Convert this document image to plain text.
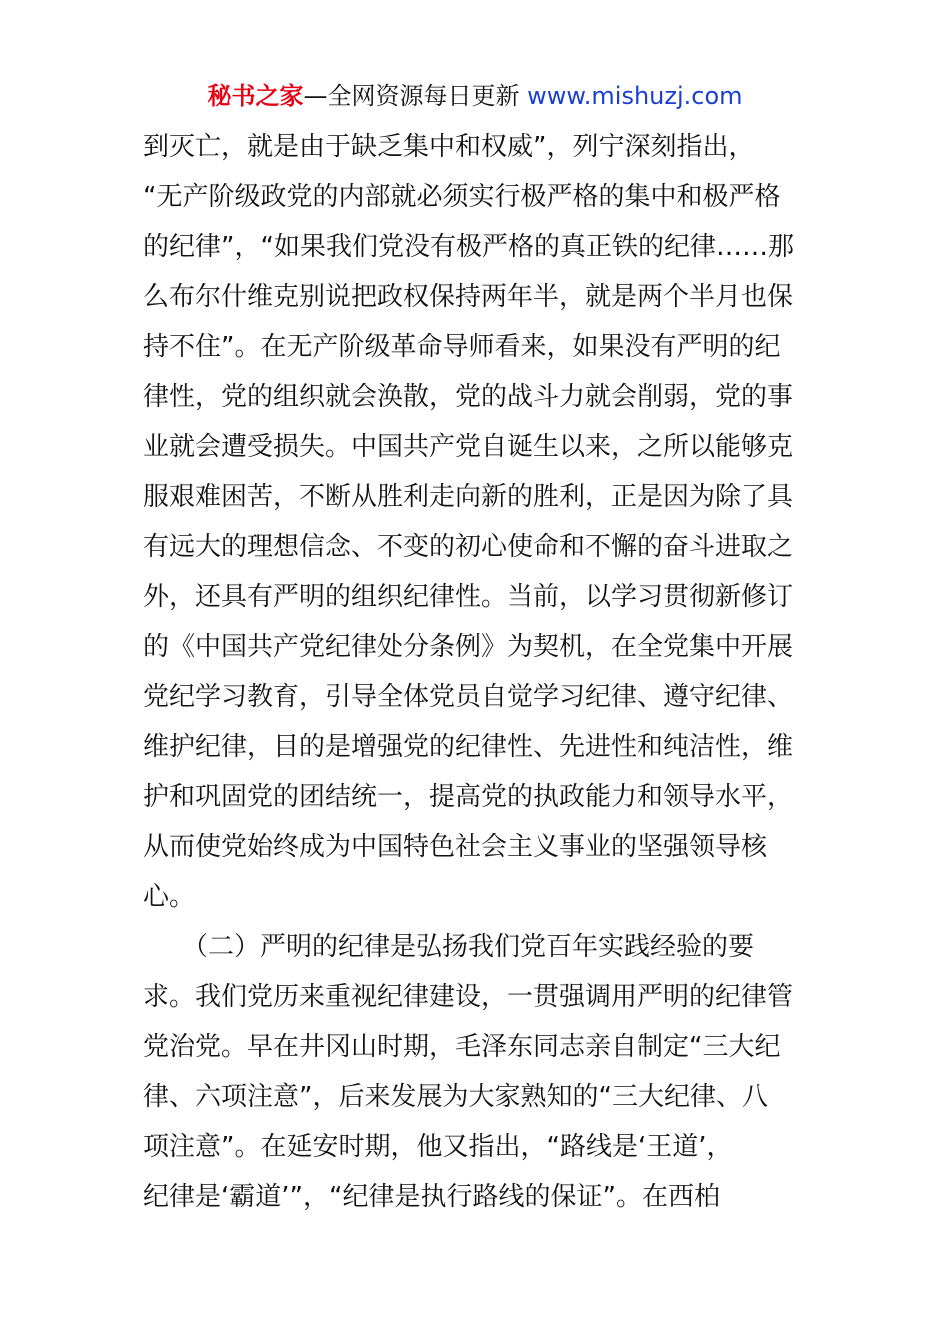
秘书之家—全网资源每日更新 www.mishuzj.com
到灭亡，就是由于缺乏集中和权威”，列宁深刻指出，
“无产阶级政党的内部就必须实行极严格的集中和极严格
的纪律”，“如果我们党没有极严格的真正铁的纪律……那
么布尔什维克别说把政权保持两年半，就是两个半月也保
持不住”。在无产阶级革命导师看来，如果没有严明的纪
律性，党的组织就会涣散，党的战斗力就会削弱，党的事
业就会遭受损失。中国共产党自诞生以来，之所以能够克
服艰难困苦，不断从胜利走向新的胜利，正是因为除了具
有远大的理想信念、不变的初心使命和不懈的奋斗进取之
外，还具有严明的组织纪律性。当前，以学习贯彻新修订
的《中国共产党纪律处分条例》为契机，在全党集中开展
党纪学习教育，引导全体党员自觉学习纪律、遵守纪律、
维护纪律，目的是增强党的纪律性、先进性和纯洁性，维
护和巩固党的团结统一，提高党的执政能力和领导水平，
从而使党始终成为中国特色社会主义事业的坚强领导核
心。
　　（二）严明的纪律是弘扬我们党百年实践经验的要
求。我们党历来重视纪律建设，一贯强调用严明的纪律管
党治党。早在井冈山时期，毛泽东同志亲自制定“三大纪
律、六项注意”，后来发展为大家熟知的“三大纪律、八
项注意”。在延安时期，他又指出，“路线是‘王道’，
纪律是‘霸道’”，“纪律是执行路线的保证”。在西柏
